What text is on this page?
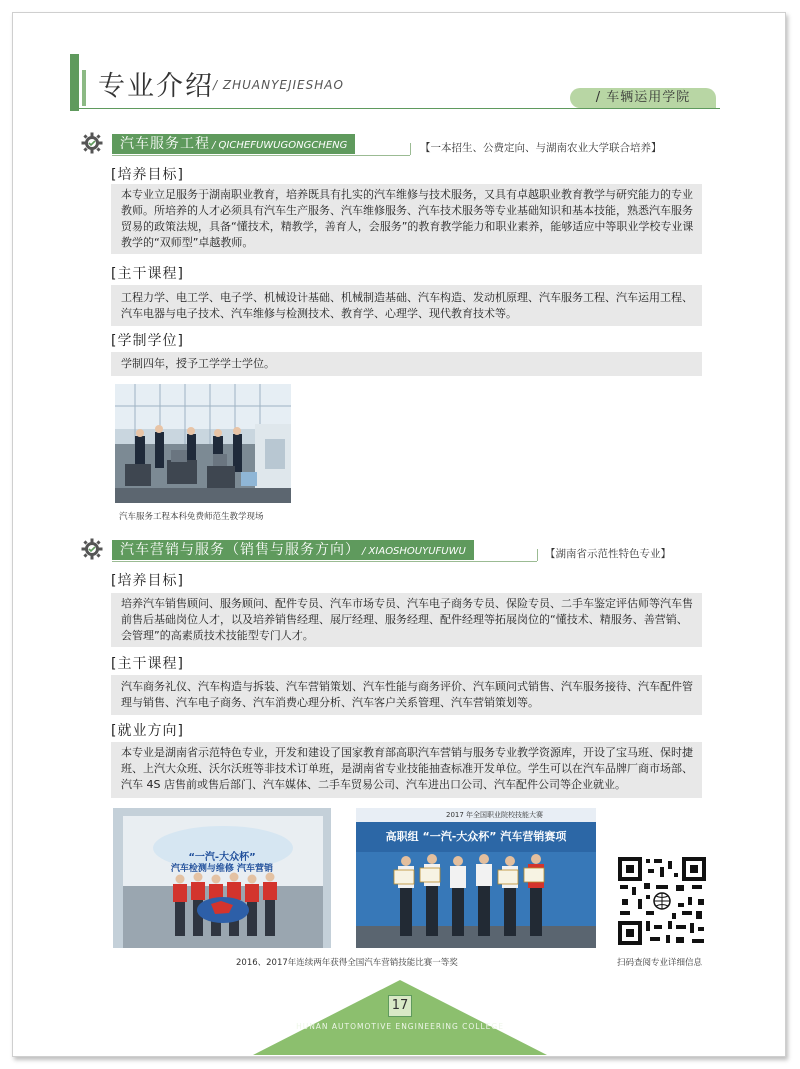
专业介绍 / ZHUANYEJIESHAO
/ 车辆运用学院
汽车服务工程 / QICHEFUWUGONGCHENG	【一本招生、公费定向、与湖南农业大学联合培养】
[培养目标]
本专业立足服务于湖南职业教育，培养既具有扎实的汽车维修与技术服务，又具有卓越职业教育教学与研究能力的专业教师。所培养的人才必须具有汽车生产服务、汽车维修服务、汽车技术服务等专业基础知识和基本技能，熟悉汽车服务贸易的政策法规，具备“懂技术，精教学，善育人，会服务”的教育教学能力和职业素养，能够适应中等职业学校专业课教学的“双师型”卓越教师。
[主干课程]
工程力学、电工学、电子学、机械设计基础、机械制造基础、汽车构造、发动机原理、汽车服务工程、汽车运用工程、汽车电器与电子技术、汽车维修与检测技术、教育学、心理学、现代教育技术等。
[学制学位]
学制四年，授予工学学士学位。
汽车服务工程本科免费师范生教学现场
汽车营销与服务（销售与服务方向） / XIAOSHOUYUFUWU	【湖南省示范性特色专业】
[培养目标]
培养汽车销售顾问、服务顾问、配件专员、汽车市场专员、汽车电子商务专员、保险专员、二手车鉴定评估师等汽车售前售后基础岗位人才，以及培养销售经理、展厅经理、服务经理、配件经理等拓展岗位的“懂技术、精服务、善营销、会管理”的高素质技术技能型专门人才。
[主干课程]
汽车商务礼仪、汽车构造与拆装、汽车营销策划、汽车性能与商务评价、汽车顾问式销售、汽车服务接待、汽车配件管理与销售、汽车电子商务、汽车消费心理分析、汽车客户关系管理、汽车营销策划等。
[就业方向]
本专业是湖南省示范特色专业，开发和建设了国家教育部高职汽车营销与服务专业教学资源库，开设了宝马班、保时捷班、上汽大众班、沃尔沃班等非技术订单班，是湖南省专业技能抽查标准开发单位。学生可以在汽车品牌厂商市场部、汽车 4S 店售前或售后部门、汽车媒体、二手车贸易公司、汽车进出口公司、汽车配件公司等企业就业。
“一汽-大众杯”
汽车检测与维修 汽车营销
2017 年全国职业院校技能大赛
高职组 “一汽-大众杯” 汽车营销赛项
2016、2017年连续两年获得全国汽车营销技能比赛一等奖	扫码查阅专业详细信息
17
HUNAN AUTOMOTIVE ENGINEERING COLLEGE
